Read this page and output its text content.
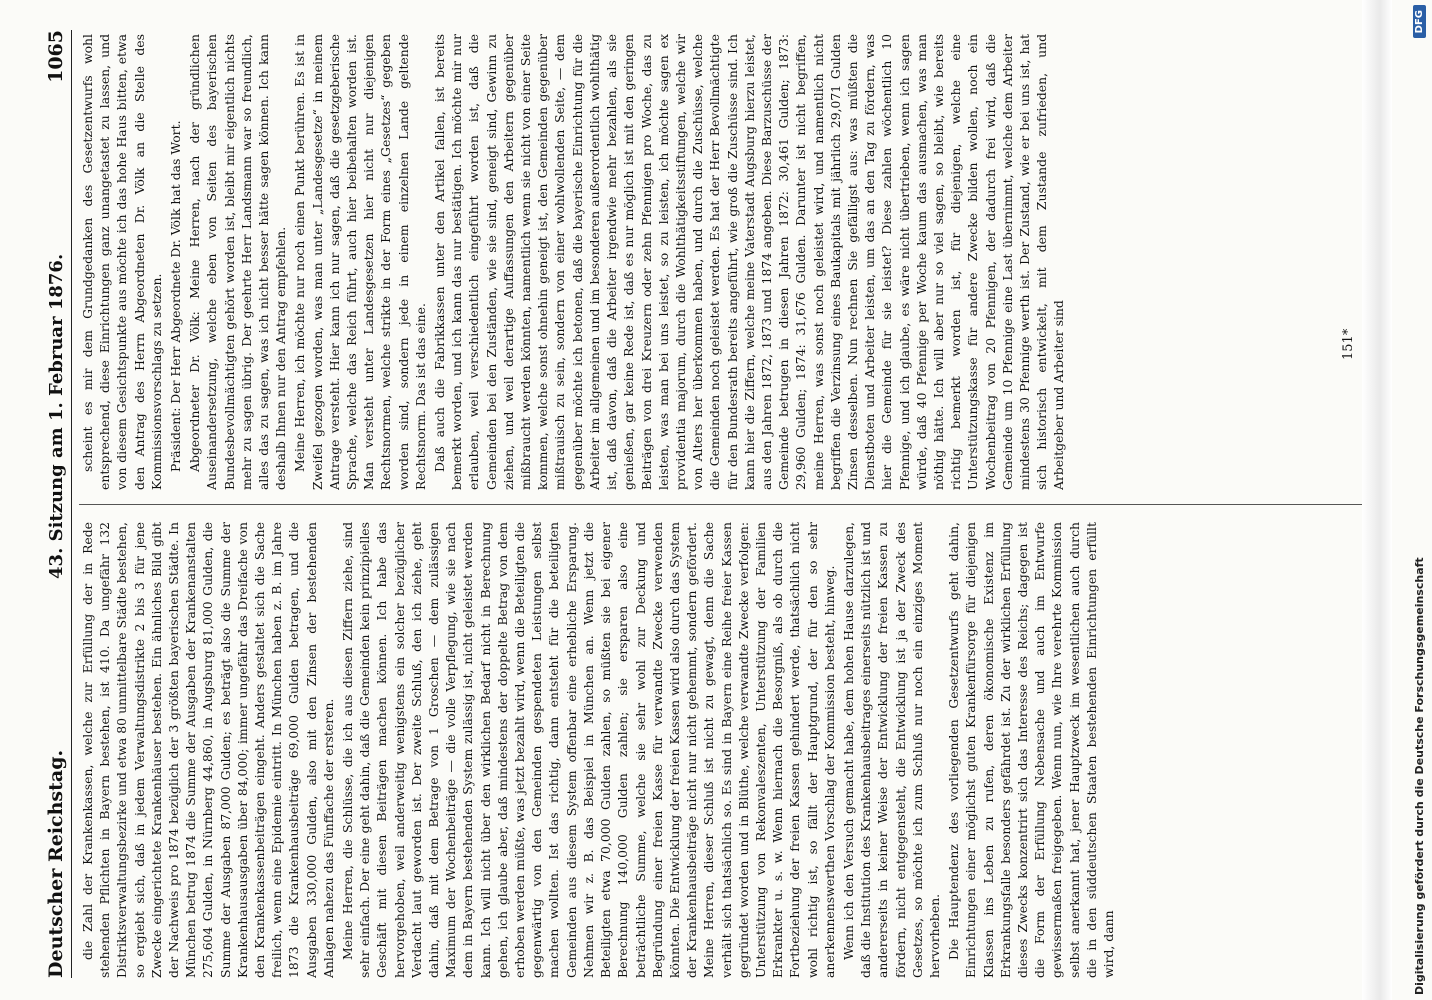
Deutscher Reichstag.
43. Sitzung am 1. Februar 1876.
1065

die Zahl der Krankenkassen, welche zur Erfüllung der in Rede stehenden Pflichten in Bayern bestehen, ist 410. Da ungefähr 132 Distriktsverwaltungsbezirke und etwa 80 unmittelbare Städte bestehen, so ergiebt sich, daß in jedem Verwaltungsdistrikte 2 bis 3 für jene Zwecke eingerichtete Krankenhäuser bestehen. Ein ähnliches Bild gibt der Nachweis pro 1874 bezüglich der 3 größten bayerischen Städte. In München betrug 1874 die Summe der Ausgaben der Krankenanstalten 275,604 Gulden, in Nürnberg 44,860, in Augsburg 81,000 Gulden, die Summe der Ausgaben 87,000 Gulden; es beträgt also die Summe der Krankenhausausgaben über 84,000; immer ungefähr das Dreifache von den Krankenkassenbeiträgen eingeht. Anders gestaltet sich die Sache freilich, wenn eine Epidemie eintritt. In München haben z. B. im Jahre 1873 die Krankenhausbeiträge 69,000 Gulden betragen, und die Ausgaben 330,000 Gulden, also mit den Zinsen der bestehenden Anlagen nahezu das Fünffache der ersteren. Meine Herren, die Schlüsse, die ich aus diesen Ziffern ziehe, sind sehr einfach. Der eine geht dahin, daß die Gemeinden kein prinzipielles Geschäft mit diesen Beiträgen machen können. Ich habe das hervorgehoben, weil anderweitig wenigstens ein solcher bezüglicher Verdacht laut geworden ist. Der zweite Schluß, den ich ziehe, geht dahin, daß mit dem Betrage von 1 Groschen — dem zulässigen Maximum der Wochenbeiträge — die volle Verpflegung, wie sie nach dem in Bayern bestehenden System zulässig ist, nicht geleistet werden kann. Ich will nicht über den wirklichen Bedarf nicht in Berechnung gehen, ich glaube aber, daß mindestens der doppelte Betrag von dem erhoben werden müßte, was jetzt bezahlt wird, wenn die Beteiligten die gegenwärtig von den Gemeinden gespendeten Leistungen selbst machen wollten. Ist das richtig, dann entsteht für die beteiligten Gemeinden aus diesem System offenbar eine erhebliche Ersparung. Nehmen wir z. B. das Beispiel in München an. Wenn jetzt die Beteiligten etwa 70,000 Gulden zahlen, so müßten sie bei eigener Berechnung 140,000 Gulden zahlen; sie ersparen also eine beträchtliche Summe, welche sie sehr wohl zur Deckung und Begründung einer freien Kasse für verwandte Zwecke verwenden könnten. Die Entwicklung der freien Kassen wird also durch das System der Krankenhausbeiträge nicht nur nicht gehemmt, sondern gefördert. Meine Herren, dieser Schluß ist nicht zu gewagt, denn die Sache verhält sich thatsächlich so. Es sind in Bayern eine Reihe freier Kassen gegründet worden und in Blüthe, welche verwandte Zwecke verfolgen: Unterstützung von Rekonvaleszenten, Unterstützung der Familien Erkrankter u. s. w. Wenn hiernach die Besorgniß, als ob durch die Fortbeziehung der freien Kassen gehindert werde, thatsächlich nicht wohl richtig ist, so fällt der Hauptgrund, der für den so sehr anerkennenswerthen Vorschlag der Kommission besteht, hinweg. Wenn ich den Versuch gemacht habe, dem hohen Hause darzulegen, daß die Institution des Krankenhausbeitrages einerseits nützlich ist und andererseits in keiner Weise der Entwicklung der freien Kassen zu fördern, nicht entgegensteht, die Entwicklung ist ja der Zweck des Gesetzes, so möchte ich zum Schluß nur noch ein einziges Moment hervorheben. Die Hauptendenz des vorliegenden Gesetzentwurfs geht dahin, Einrichtungen einer möglichst guten Krankenfürsorge für diejenigen Klassen ins Leben zu rufen, deren ökonomische Existenz im Erkrankungsfalle besonders gefährdet ist. Zu der wirklichen Erfüllung dieses Zwecks konzentrirt sich das Interesse des Reichs; dagegen ist die Form der Erfüllung Nebensache und auch im Entwurfe gewissermaßen freigegeben. Wenn nun, wie Ihre verehrte Kommission selbst anerkannt hat, jener Hauptzweck im wesentlichen auch durch die in den süddeutschen Staaten bestehenden Einrichtungen erfüllt wird, dann

scheint es mir dem Grundgedanken des Gesetzentwurfs wohl entsprechend, diese Einrichtungen ganz unangetastet zu lassen, und von diesem Gesichtspunkte aus möchte ich das hohe Haus bitten, etwa den Antrag des Herrn Abgeordneten Dr. Völk an die Stelle des Kommissionsvorschlags zu setzen. Präsident: Der Herr Abgeordnete Dr. Völk hat das Wort. Abgeordneter Dr. Völk: Meine Herren, nach der gründlichen Auseinandersetzung, welche eben von Seiten des bayerischen Bundesbevollmächtigten gehört worden ist, bleibt mir eigentlich nichts mehr zu sagen übrig. Der geehrte Herr Landsmann war so freundlich, alles das zu sagen, was ich nicht besser hätte sagen können. Ich kann deshalb Ihnen nur den Antrag empfehlen. Meine Herren, ich möchte nur noch einen Punkt berühren. Es ist in Zweifel gezogen worden, was man unter „Landesgesetze“ in meinem Antrage versteht. Hier kann ich nur sagen, daß die gesetzgeberische Sprache, welche das Reich führt, auch hier beibehalten worden ist. Man versteht unter Landesgesetzen hier nicht nur diejenigen Rechtsnormen, welche strikte in der Form eines „Gesetzes“ gegeben worden sind, sondern jede in einem einzelnen Lande geltende Rechtsnorm. Das ist das eine. Daß auch die Fabrikkassen unter den Artikel fallen, ist bereits bemerkt worden, und ich kann das nur bestätigen. Ich möchte mir nur erlauben, weil verschiedentlich eingeführt worden ist, daß die Gemeinden bei den Zuständen, wie sie sind, geneigt sind, Gewinn zu ziehen, und weil derartige Auffassungen den Arbeitern gegenüber mißbraucht werden könnten, namentlich wenn sie nicht von einer Seite kommen, welche sonst ohnehin geneigt ist, den Gemeinden gegenüber mißtrauisch zu sein, sondern von einer wohlwollenden Seite, — dem gegenüber möchte ich betonen, daß die bayerische Einrichtung für die Arbeiter im allgemeinen und im besonderen außerordentlich wohlthätig ist, daß davon, daß die Arbeiter irgendwie mehr bezahlen, als sie genießen, gar keine Rede ist, daß es nur möglich ist mit den geringen Beiträgen von drei Kreuzern oder zehn Pfennigen pro Woche, das zu leisten, was man bei uns leistet, so zu leisten, ich möchte sagen ex providentia majorum, durch die Wohlthätigkeitsstiftungen, welche wir von Alters her überkommen haben, und durch die Zuschüsse, welche die Gemeinden noch geleistet werden. Es hat der Herr Bevollmächtigte für den Bundesrath bereits angeführt, wie groß die Zuschüsse sind. Ich kann hier die Ziffern, welche meine Vaterstadt Augsburg hierzu leistet, aus den Jahren 1872, 1873 und 1874 angeben. Diese Barzuschüsse der Gemeinde betrugen in diesen Jahren 1872: 30,461 Gulden; 1873: 29,960 Gulden; 1874: 31,676 Gulden. Darunter ist nicht begriffen, meine Herren, was sonst noch geleistet wird, und namentlich nicht begriffen die Verzinsung eines Baukapitals mit jährlich 29,071 Gulden Zinsen desselben. Nun rechnen Sie gefälligst aus: was müßten die Dienstboten und Arbeiter leisten, um das an den Tag zu fördern, was hier die Gemeinde für sie leistet? Diese zahlen wöchentlich 10 Pfennige, und ich glaube, es wäre nicht übertrieben, wenn ich sagen würde, daß 40 Pfennige per Woche kaum das ausmachen, was man nöthig hätte. Ich will aber nur so viel sagen, so bleibt, wie bereits richtig bemerkt worden ist, für diejenigen, welche eine Unterstützungskasse für andere Zwecke bilden wollen, noch ein Wochenbeitrag von 20 Pfennigen, der dadurch frei wird, daß die Gemeinde um 10 Pfennige eine Last übernimmt, welche dem Arbeiter mindestens 30 Pfennige werth ist. Der Zustand, wie er bei uns ist, hat sich historisch entwickelt, mit dem Zustande zufrieden, und Arbeitgeber und Arbeiter sind	151*
Digitalisierung gefördert durch die Deutsche Forschungsgemeinschaft
DFG
